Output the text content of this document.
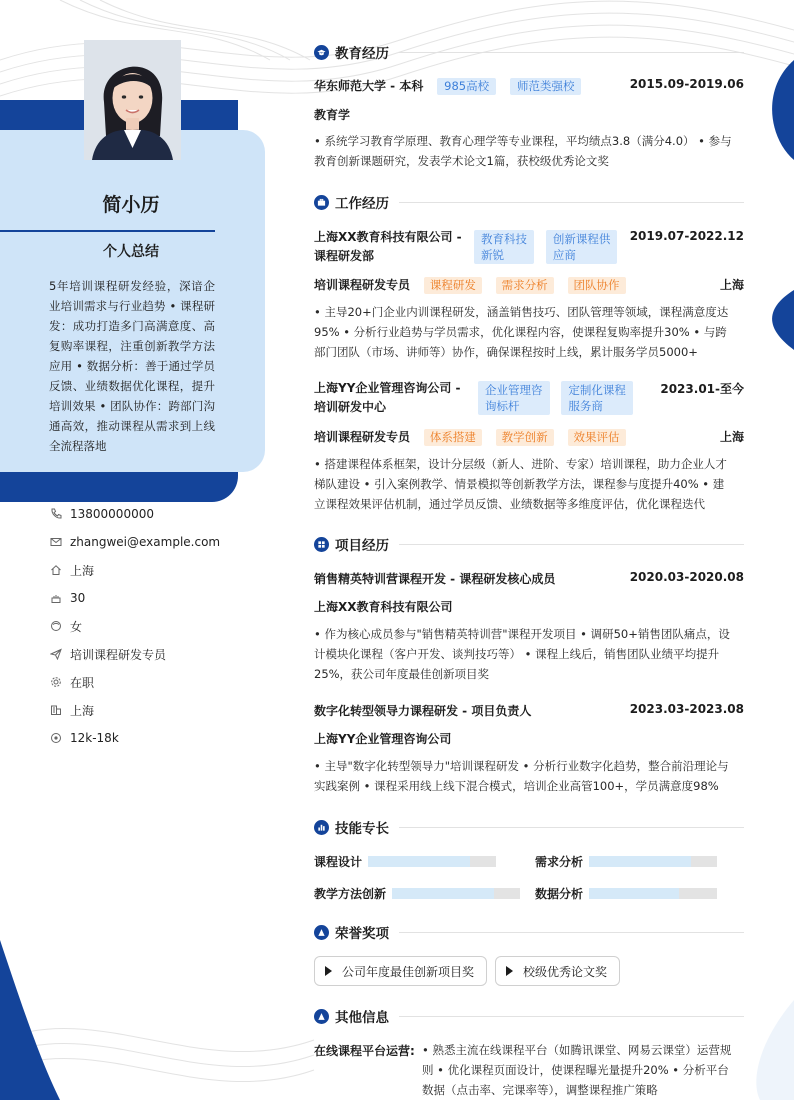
简小历
个人总结
5年培训课程研发经验，深谙企业培训需求与行业趋势 • 课程研发：成功打造多门高满意度、高复购率课程，注重创新教学方法应用 • 数据分析：善于通过学员反馈、业绩数据优化课程，提升培训效果 • 团队协作：跨部门沟通高效，推动课程从需求到上线全流程落地
13800000000
zhangwei@example.com
上海
30
女
培训课程研发专员
在职
上海
12k-18k
教育经历
华东师范大学 - 本科 985高校 师范类强校	2015.09-2019.06
教育学
• 系统学习教育学原理、教育心理学等专业课程，平均绩点3.8（满分4.0） • 参与
教育创新课题研究，发表学术论文1篇，获校级优秀论文奖
工作经历
上海XX教育科技有限公司 -
课程研发部
教育科技
新锐

创新课程供
应商
2019.07-2022.12
培训课程研发专员 课程研发 需求分析 团队协作	上海
• 主导20+门企业内训课程研发，涵盖销售技巧、团队管理等领域，课程满意度达
95% • 分析行业趋势与学员需求，优化课程内容，使课程复购率提升30% • 与跨
部门团队（市场、讲师等）协作，确保课程按时上线，累计服务学员5000+
上海YY企业管理咨询公司 -
培训研发中心
企业管理咨
询标杆

定制化课程
服务商
2023.01-至今
培训课程研发专员 体系搭建 教学创新 效果评估	上海
• 搭建课程体系框架，设计分层级（新人、进阶、专家）培训课程，助力企业人才
梯队建设 • 引入案例教学、情景模拟等创新教学方法，课程参与度提升40% • 建
立课程效果评估机制，通过学员反馈、业绩数据等多维度评估，优化课程迭代
项目经历
销售精英特训营课程开发 - 课程研发核心成员	2020.03-2020.08
上海XX教育科技有限公司
• 作为核心成员参与"销售精英特训营"课程开发项目 • 调研50+销售团队痛点，设
计模块化课程（客户开发、谈判技巧等） • 课程上线后，销售团队业绩平均提升
25%，获公司年度最佳创新项目奖
数字化转型领导力课程研发 - 项目负责人	2023.03-2023.08
上海YY企业管理咨询公司
• 主导"数字化转型领导力"培训课程研发 • 分析行业数字化趋势，整合前沿理论与
实践案例 • 课程采用线上线下混合模式，培训企业高管100+，学员满意度98%
技能专长
课程设计	需求分析
教学方法创新	数据分析
荣誉奖项
公司年度最佳创新项目奖	校级优秀论文奖
其他信息
在线课程平台运营: • 熟悉主流在线课程平台（如腾讯课堂、网易云课堂）运营规
则 • 优化课程页面设计，使课程曝光量提升20% • 分析平台
数据（点击率、完课率等），调整课程推广策略
